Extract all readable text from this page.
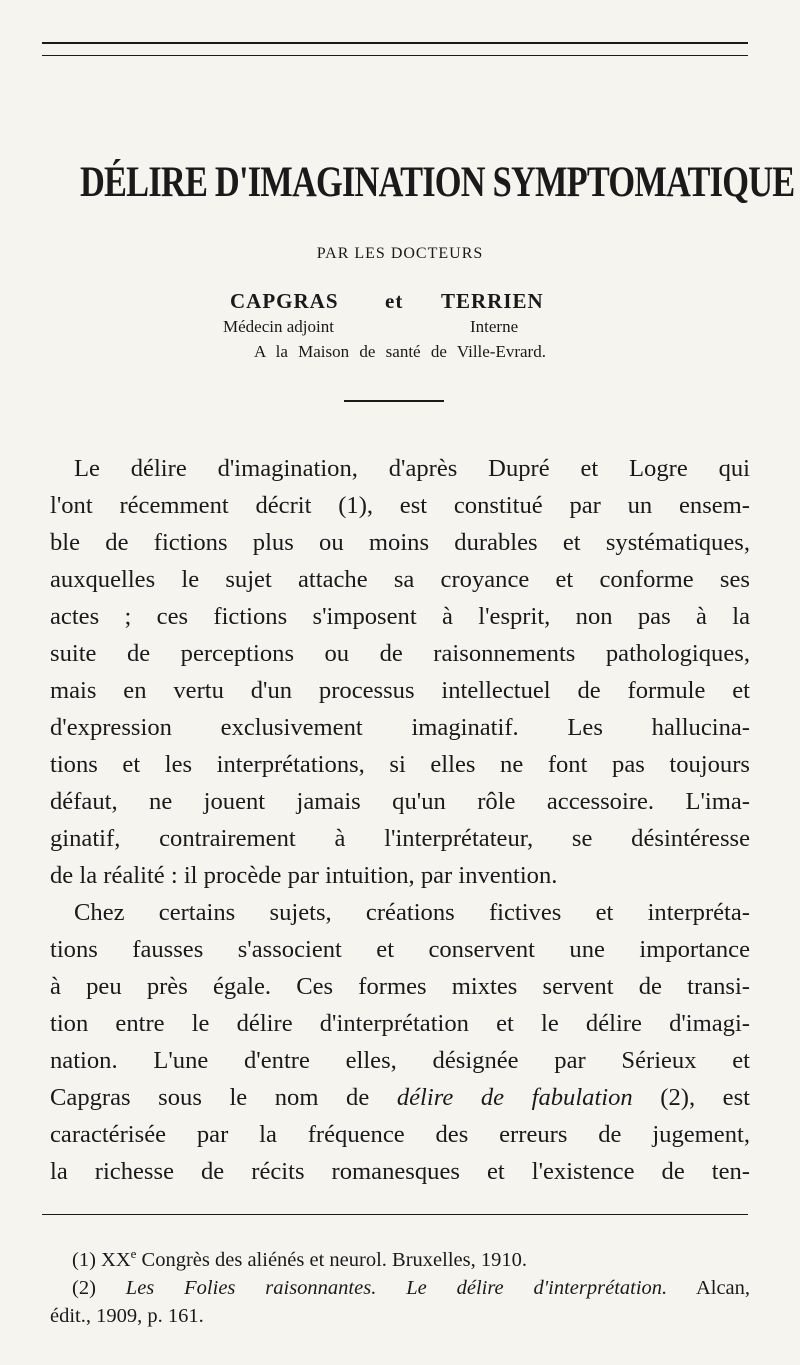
DÉLIRE D'IMAGINATION SYMPTOMATIQUE
PAR LES DOCTEURS
CAPGRAS et TERRIEN
Médecin adjoint	Interne
A la Maison de santé de Ville-Evrard.
Le délire d'imagination, d'après Dupré et Logre qui
l'ont récemment décrit (1), est constitué par un ensem-
ble de fictions plus ou moins durables et systématiques,
auxquelles le sujet attache sa croyance et conforme ses
actes ; ces fictions s'imposent à l'esprit, non pas à la
suite de perceptions ou de raisonnements pathologiques,
mais en vertu d'un processus intellectuel de formule et
d'expression exclusivement imaginatif. Les hallucina-
tions et les interprétations, si elles ne font pas toujours
défaut, ne jouent jamais qu'un rôle accessoire. L'ima-
ginatif, contrairement à l'interprétateur, se désintéresse
de la réalité : il procède par intuition, par invention.
Chez certains sujets, créations fictives et interpréta-
tions fausses s'associent et conservent une importance
à peu près égale. Ces formes mixtes servent de transi-
tion entre le délire d'interprétation et le délire d'imagi-
nation. L'une d'entre elles, désignée par Sérieux et
Capgras sous le nom de délire de fabulation (2), est
caractérisée par la fréquence des erreurs de jugement,
la richesse de récits romanesques et l'existence de ten-
(1) XXe Congrès des aliénés et neurol. Bruxelles, 1910.
(2) Les Folies raisonnantes. Le délire d'interprétation. Alcan,
édit., 1909, p. 161.
